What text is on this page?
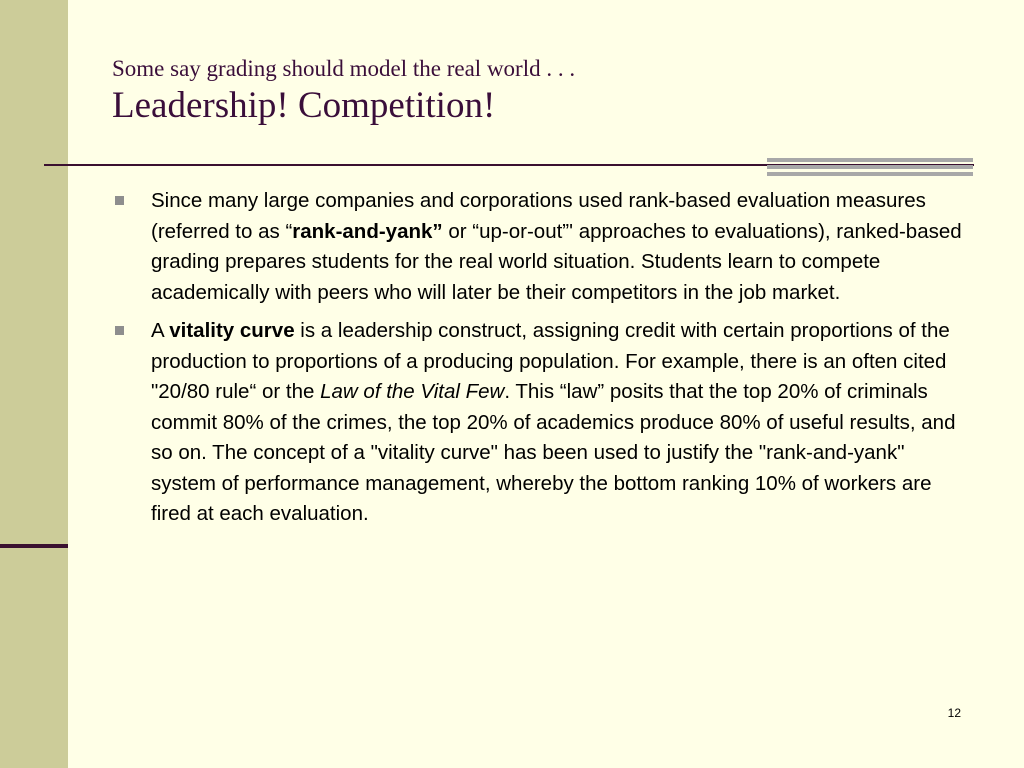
Some say grading should model the real world . . .
Leadership! Competition!
Since many large companies and corporations used rank-based evaluation measures (referred to as “rank-and-yank” or “up-or-out”' approaches to evaluations), ranked-based grading prepares students for the real world situation. Students learn to compete academically with peers who will later be their competitors in the job market.
A vitality curve is a leadership construct, assigning credit with certain proportions of the production to proportions of a producing population. For example, there is an often cited "20/80 rule“ or the Law of the Vital Few. This “law” posits that the top 20% of criminals commit 80% of the crimes, the top 20% of academics produce 80% of useful results, and so on. The concept of a "vitality curve" has been used to justify the "rank-and-yank" system of performance management, whereby the bottom ranking 10% of workers are fired at each evaluation.
12
